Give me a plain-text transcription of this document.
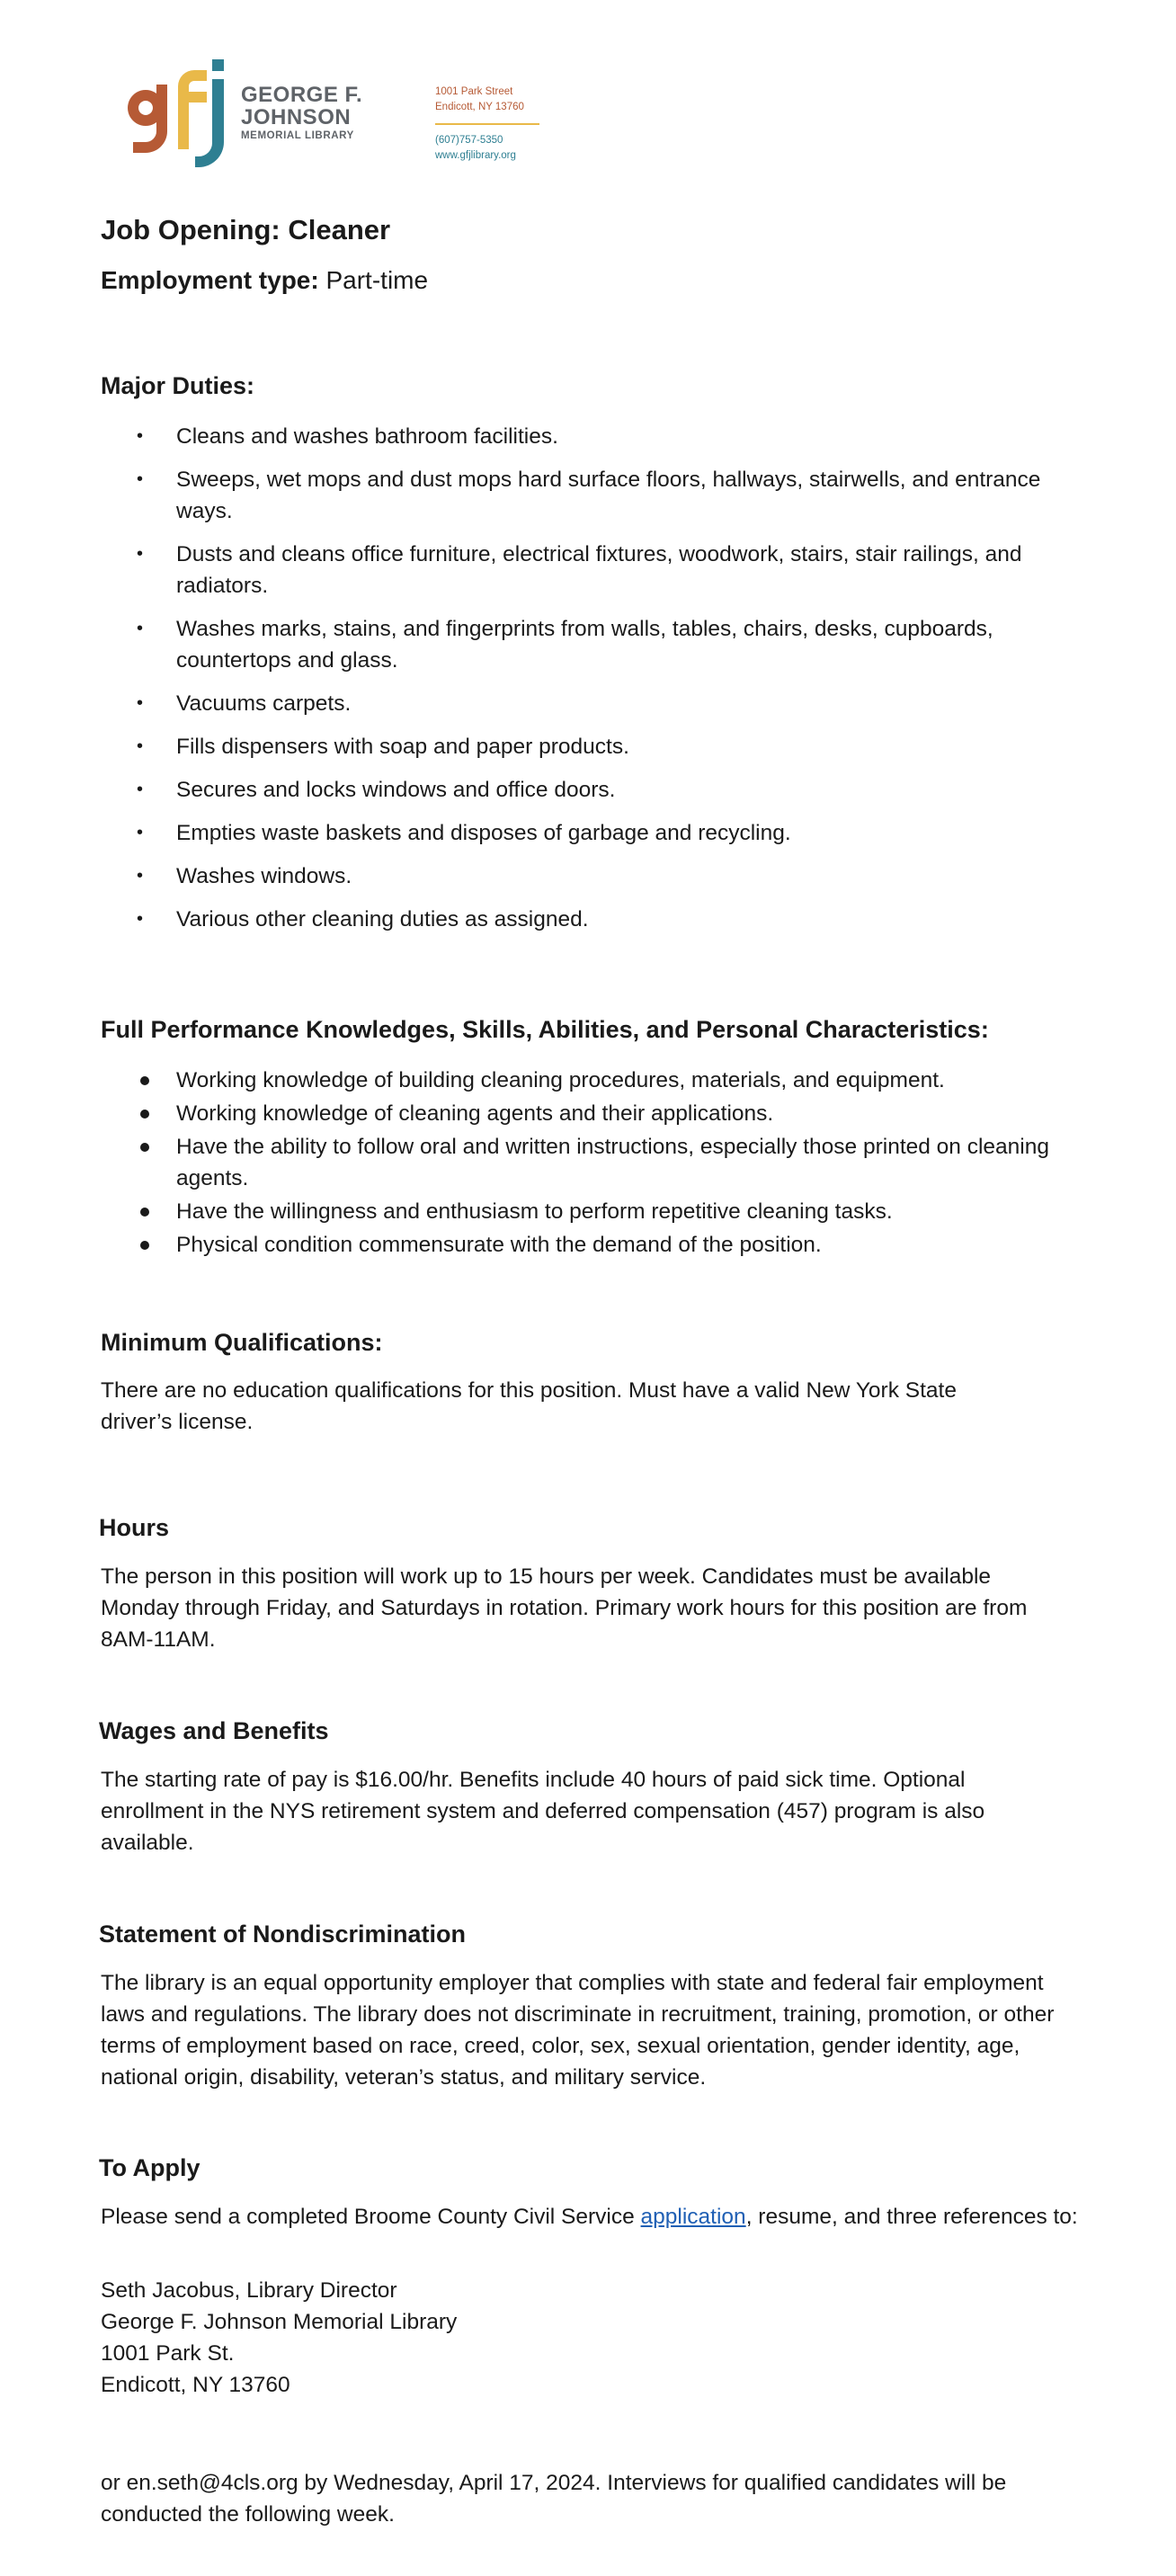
GEORGE F.
JOHNSON
MEMORIAL LIBRARY
1001 Park Street
Endicott, NY 13760
(607)757-5350
www.gfjlibrary.org
Job Opening: Cleaner
Employment type: Part-time
Major Duties:
• Cleans and washes bathroom facilities.
• Sweeps, wet mops and dust mops hard surface floors, hallways, stairwells, and entrance ways.
• Dusts and cleans office furniture, electrical fixtures, woodwork, stairs, stair railings, and radiators.
• Washes marks, stains, and fingerprints from walls, tables, chairs, desks, cupboards, countertops and glass.
• Vacuums carpets.
• Fills dispensers with soap and paper products.
• Secures and locks windows and office doors.
• Empties waste baskets and disposes of garbage and recycling.
• Washes windows.
• Various other cleaning duties as assigned.
Full Performance Knowledges, Skills, Abilities, and Personal Characteristics:
Working knowledge of building cleaning procedures, materials, and equipment.
Working knowledge of cleaning agents and their applications.
Have the ability to follow oral and written instructions, especially those printed on cleaning agents.
Have the willingness and enthusiasm to perform repetitive cleaning tasks.
Physical condition commensurate with the demand of the position.
Minimum Qualifications:

There are no education qualifications for this position. Must have a valid New York State driver’s license.

Hours

The person in this position will work up to 15 hours per week. Candidates must be available Monday through Friday, and Saturdays in rotation. Primary work hours for this position are from 8AM-11AM.

Wages and Benefits

The starting rate of pay is $16.00/hr. Benefits include 40 hours of paid sick time. Optional enrollment in the NYS retirement system and deferred compensation (457) program is also available.

Statement of Nondiscrimination

The library is an equal opportunity employer that complies with state and federal fair employment laws and regulations. The library does not discriminate in recruitment, training, promotion, or other terms of employment based on race, creed, color, sex, sexual orientation, gender identity, age, national origin, disability, veteran’s status, and military service.

To Apply

Please send a completed Broome County Civil Service application, resume, and three references to:

Seth Jacobus, Library Director

George F. Johnson Memorial Library

1001 Park St.

Endicott, NY 13760

or en.seth@4cls.org by Wednesday, April 17, 2024. Interviews for qualified candidates will be conducted the following week.
